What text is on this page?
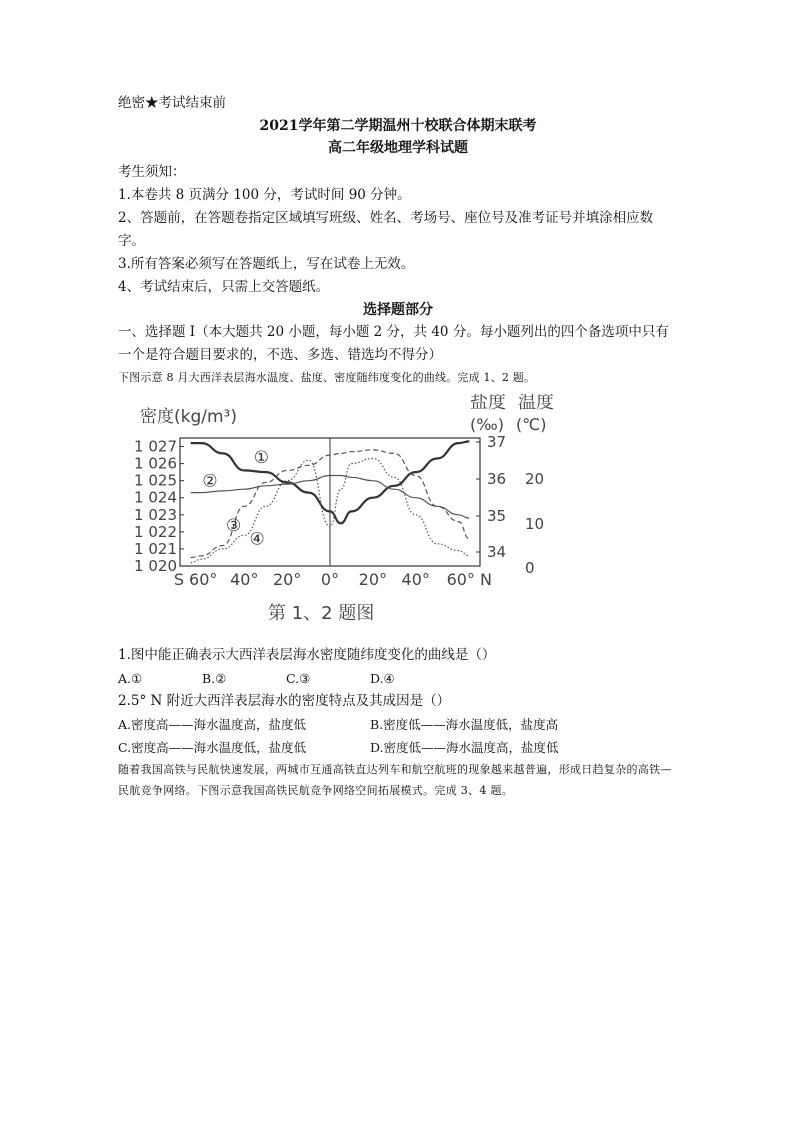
绝密★考试结束前
2021学年第二学期温州十校联合体期末联考
高二年级地理学科试题
考生须知：
1.本卷共 8 页满分 100 分，考试时间 90 分钟。
2、答题前，在答题卷指定区域填写班级、姓名、考场号、座位号及准考证号并填涂相应数字。
3.所有答案必须写在答题纸上，写在试卷上无效。
4、考试结束后，只需上交答题纸。
选择题部分
一、选择题 I（本大题共 20 小题，每小题 2 分，共 40 分。每小题列出的四个备选项中只有一个是符合题目要求的，不选、多选、错选均不得分）
下图示意 8 月大西洋表层海水温度、盐度、密度随纬度变化的曲线。完成 1、2 题。
密度(kg/m³)
盐度 温度
(‰) (℃)
1 027
1 026
1 025
1 024
1 023
1 022
1 021
1 020
37
36
35
34
20
10
0
S 60° 40° 20° 0° 20° 40° 60° N
①
②
③
④
第 1、2 题图
1.图中能正确表示大西洋表层海水密度随纬度变化的曲线是（）
A.①	B.②	C.③	D.④
2.5° N 附近大西洋表层海水的密度特点及其成因是（）
A.密度高——海水温度高，盐度低	B.密度低——海水温度低，盐度高
C.密度高——海水温度低，盐度低	D.密度低——海水温度高，盐度低
随着我国高铁与民航快速发展，两城市互通高铁直达列车和航空航班的现象越来越普遍，形成日趋复杂的高铁—民航竞争网络。下图示意我国高铁民航竞争网络空间拓展模式。完成 3、4 题。
